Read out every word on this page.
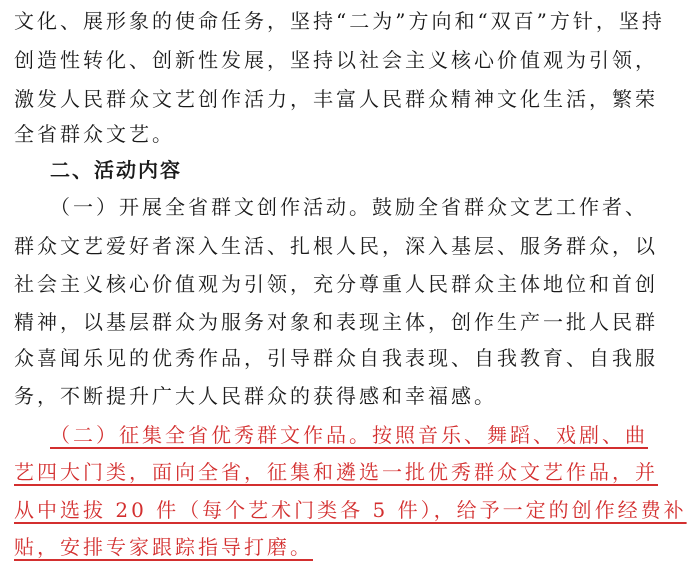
文化、展形象的使命任务，坚持“二为”方向和“双百”方针，坚持
创造性转化、创新性发展，坚持以社会主义核心价值观为引领，
激发人民群众文艺创作活力，丰富人民群众精神文化生活，繁荣
全省群众文艺。
二、活动内容
（一）开展全省群文创作活动。鼓励全省群众文艺工作者、
群众文艺爱好者深入生活、扎根人民，深入基层、服务群众，以
社会主义核心价值观为引领，充分尊重人民群众主体地位和首创
精神，以基层群众为服务对象和表现主体，创作生产一批人民群
众喜闻乐见的优秀作品，引导群众自我表现、自我教育、自我服
务，不断提升广大人民群众的获得感和幸福感。
（二）征集全省优秀群文作品。按照音乐、舞蹈、戏剧、曲
艺四大门类，面向全省，征集和遴选一批优秀群众文艺作品，并
从中选拔 20 件（每个艺术门类各 5 件），给予一定的创作经费补
贴，安排专家跟踪指导打磨。
